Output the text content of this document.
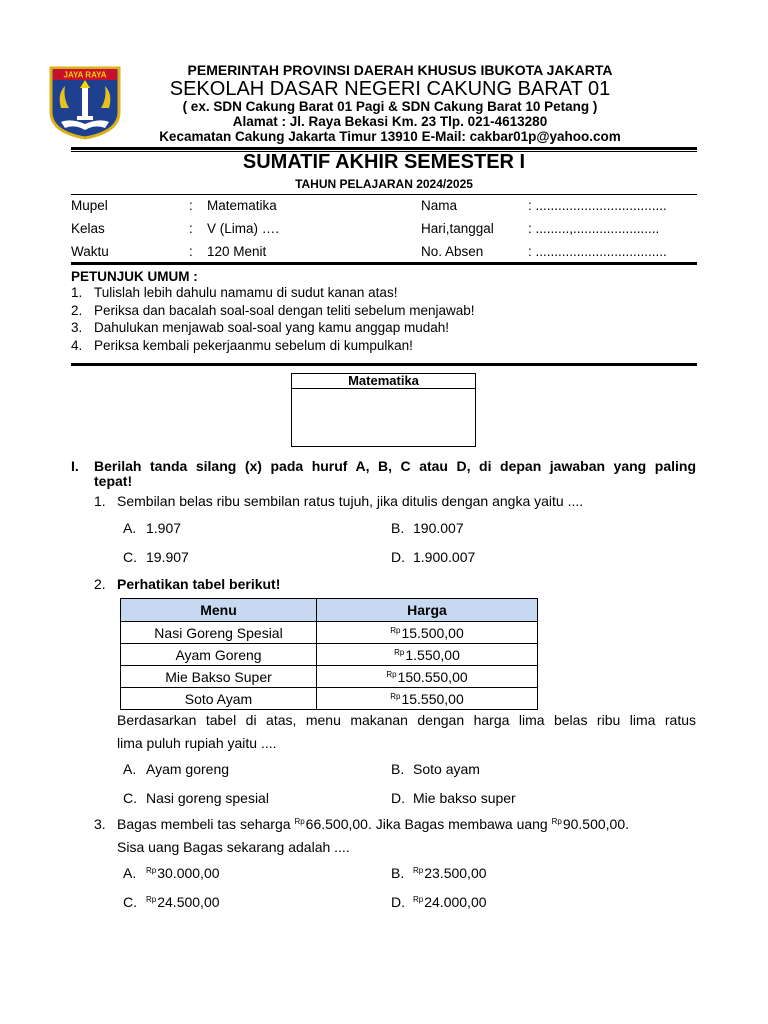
JAYA RAYA	PEMERINTAH PROVINSI DAERAH KHUSUS IBUKOTA JAKARTA
SEKOLAH DASAR NEGERI CAKUNG BARAT 01
( ex. SDN Cakung Barat 01 Pagi & SDN Cakung Barat 10 Petang )
Alamat : Jl. Raya Bekasi Km. 23 Tlp. 021-4613280
Kecamatan Cakung Jakarta Timur 13910 E-Mail: cakbar01p@yahoo.com
SUMATIF AKHIR SEMESTER I
TAHUN PELAJARAN 2024/2025
Mupel	: Matematika	Nama	: ...................................
Kelas	: V (Lima) ….	Hari,tanggal	: .........,.......................
Waktu	: 120 Menit	No. Absen	: ...................................
PETUNJUK UMUM :
1. Tulislah lebih dahulu namamu di sudut kanan atas!
2. Periksa dan bacalah soal-soal dengan teliti sebelum menjawab!
3. Dahulukan menjawab soal-soal yang kamu anggap mudah!
4. Periksa kembali pekerjaanmu sebelum di kumpulkan!
Matematika
I. Berilah tanda silang (x) pada huruf A, B, C atau D, di depan jawaban yang paling
tepat!
1. Sembilan belas ribu sembilan ratus tujuh, jika ditulis dengan angka yaitu ....
A. 1.907	B. 190.007
C. 19.907	D. 1.900.007
2. Perhatikan tabel berikut!
Menu	Harga
Nasi Goreng Spesial	$^{Rp}$15.500,00
Ayam Goreng	$^{Rp}$1.550,00
Mie Bakso Super	$^{Rp}$150.550,00
Soto Ayam	$^{Rp}$15.550,00
Berdasarkan tabel di atas, menu makanan dengan harga lima belas ribu lima ratus
lima puluh rupiah yaitu ....
A. Ayam goreng	B. Soto ayam
C. Nasi goreng spesial	D. Mie bakso super
3. Bagas membeli tas seharga $^{Rp}$66.500,00. Jika Bagas membawa uang $^{Rp}$90.500,00.
Sisa uang Bagas sekarang adalah ....
A. $^{Rp}$30.000,00	B. $^{Rp}$23.500,00
C. $^{Rp}$24.500,00	D. $^{Rp}$24.000,00
